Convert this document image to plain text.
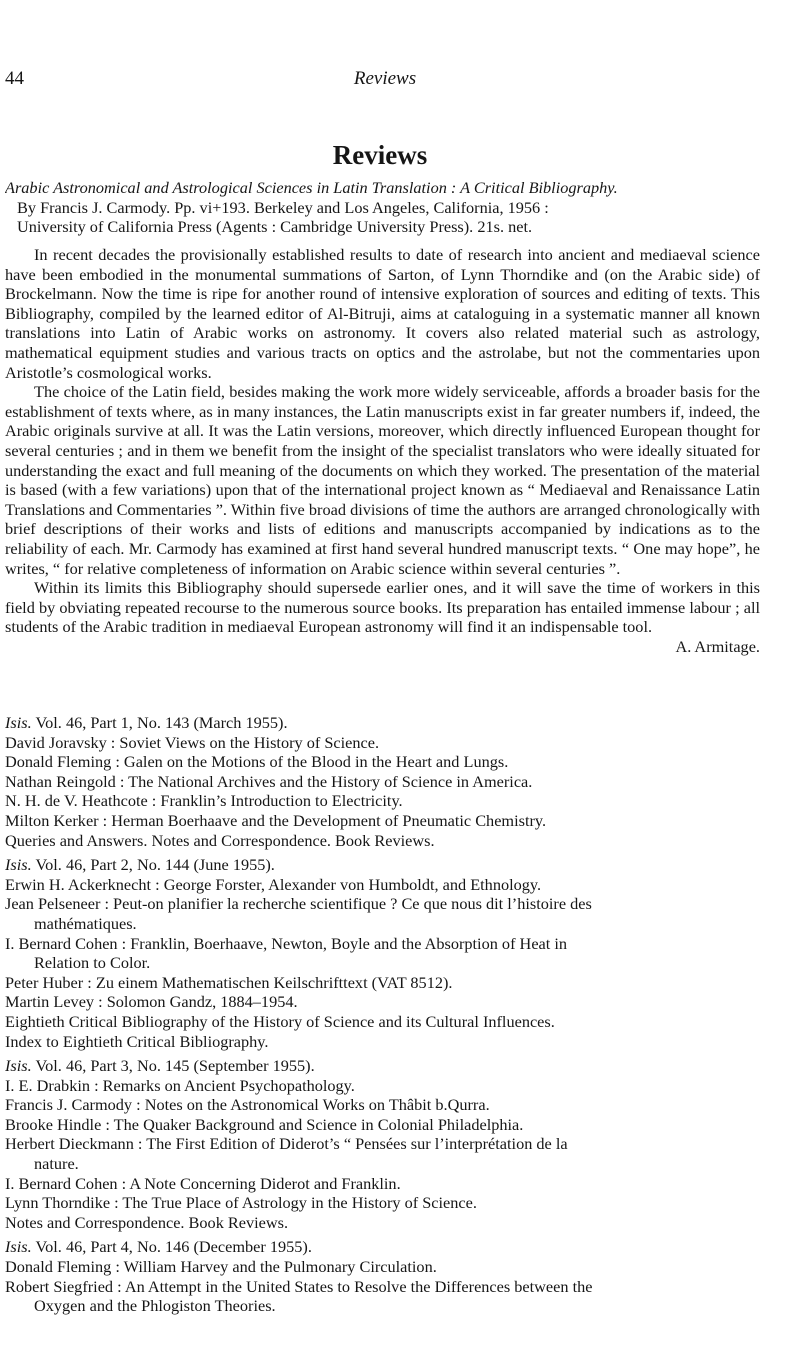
44	Reviews
Reviews
Arabic Astronomical and Astrological Sciences in Latin Translation : A Critical Bibliography.
By Francis J. Carmody. Pp. vi+193. Berkeley and Los Angeles, California, 1956 :
University of California Press (Agents : Cambridge University Press). 21s. net.

In recent decades the provisionally established results to date of research into ancient and mediaeval science have been embodied in the monumental summations of Sarton, of Lynn Thorndike and (on the Arabic side) of Brockelmann. Now the time is ripe for another round of intensive exploration of sources and editing of texts. This Bibliography, compiled by the learned editor of Al-Bitruji, aims at cataloguing in a systematic manner all known translations into Latin of Arabic works on astronomy. It covers also related material such as astrology, mathematical equipment studies and various tracts on optics and the astrolabe, but not the commentaries upon Aristotle’s cosmological works.

The choice of the Latin field, besides making the work more widely serviceable, affords a broader basis for the establishment of texts where, as in many instances, the Latin manuscripts exist in far greater numbers if, indeed, the Arabic originals survive at all. It was the Latin versions, moreover, which directly influenced European thought for several centuries ; and in them we benefit from the insight of the specialist translators who were ideally situated for understanding the exact and full meaning of the documents on which they worked. The presentation of the material is based (with a few variations) upon that of the international project known as “ Mediaeval and Renaissance Latin Translations and Commentaries ”. Within five broad divisions of time the authors are arranged chronologically with brief descriptions of their works and lists of editions and manuscripts accompanied by indications as to the reliability of each. Mr. Carmody has examined at first hand several hundred manuscript texts. “ One may hope”, he writes, “ for relative completeness of information on Arabic science within several centuries ”.

Within its limits this Bibliography should supersede earlier ones, and it will save the time of workers in this field by obviating repeated recourse to the numerous source books. Its preparation has entailed immense labour ; all students of the Arabic tradition in mediaeval European astronomy will find it an indispensable tool.
A. Armitage.

Isis. Vol. 46, Part 1, No. 143 (March 1955).
David Joravsky : Soviet Views on the History of Science.
Donald Fleming : Galen on the Motions of the Blood in the Heart and Lungs.
Nathan Reingold : The National Archives and the History of Science in America.
N. H. de V. Heathcote : Franklin’s Introduction to Electricity.
Milton Kerker : Herman Boerhaave and the Development of Pneumatic Chemistry.
Queries and Answers. Notes and Correspondence. Book Reviews.
Isis. Vol. 46, Part 2, No. 144 (June 1955).
Erwin H. Ackerknecht : George Forster, Alexander von Humboldt, and Ethnology.
Jean Pelseneer : Peut-on planifier la recherche scientifique ? Ce que nous dit l’histoire des
mathématiques.
I. Bernard Cohen : Franklin, Boerhaave, Newton, Boyle and the Absorption of Heat in
Relation to Color.
Peter Huber : Zu einem Mathematischen Keilschrifttext (VAT 8512).
Martin Levey : Solomon Gandz, 1884–1954.
Eightieth Critical Bibliography of the History of Science and its Cultural Influences.
Index to Eightieth Critical Bibliography.
Isis. Vol. 46, Part 3, No. 145 (September 1955).
I. E. Drabkin : Remarks on Ancient Psychopathology.
Francis J. Carmody : Notes on the Astronomical Works on Thâbit b.Qurra.
Brooke Hindle : The Quaker Background and Science in Colonial Philadelphia.
Herbert Dieckmann : The First Edition of Diderot’s “ Pensées sur l’interprétation de la
nature.
I. Bernard Cohen : A Note Concerning Diderot and Franklin.
Lynn Thorndike : The True Place of Astrology in the History of Science.
Notes and Correspondence. Book Reviews.
Isis. Vol. 46, Part 4, No. 146 (December 1955).
Donald Fleming : William Harvey and the Pulmonary Circulation.
Robert Siegfried : An Attempt in the United States to Resolve the Differences between the
Oxygen and the Phlogiston Theories.
